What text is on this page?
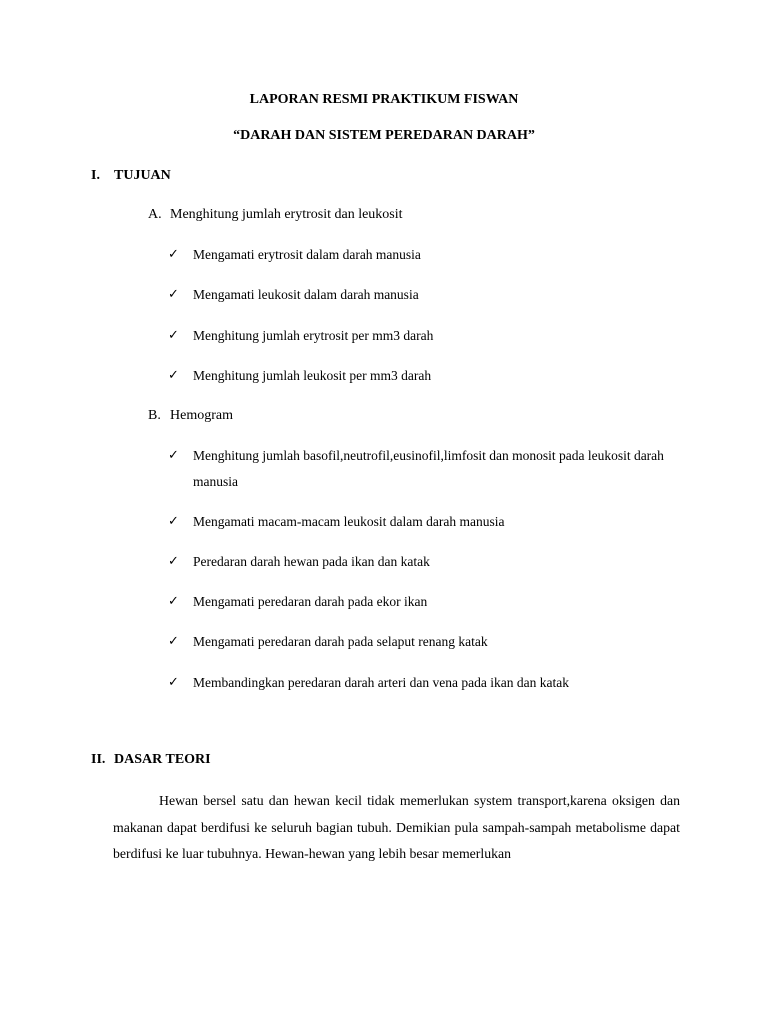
LAPORAN RESMI PRAKTIKUM FISWAN
“DARAH DAN SISTEM PEREDARAN DARAH”
I. TUJUAN
A. Menghitung jumlah erytrosit dan leukosit
✓ Mengamati erytrosit dalam darah manusia
✓ Mengamati leukosit dalam darah manusia
✓ Menghitung jumlah erytrosit per mm3 darah
✓ Menghitung jumlah leukosit per mm3 darah
B. Hemogram
✓ Menghitung jumlah basofil,neutrofil,eusinofil,limfosit dan monosit pada leukosit darah manusia
✓ Mengamati macam-macam leukosit dalam darah manusia
✓ Peredaran darah hewan pada ikan dan katak
✓ Mengamati peredaran darah pada ekor ikan
✓ Mengamati peredaran darah pada selaput renang katak
✓ Membandingkan peredaran darah arteri dan vena pada ikan dan katak
II. DASAR TEORI
Hewan bersel satu dan hewan kecil tidak memerlukan system transport,karena oksigen dan makanan dapat berdifusi ke seluruh bagian tubuh. Demikian pula sampah-sampah metabolisme dapat berdifusi ke luar tubuhnya. Hewan-hewan yang lebih besar memerlukan
